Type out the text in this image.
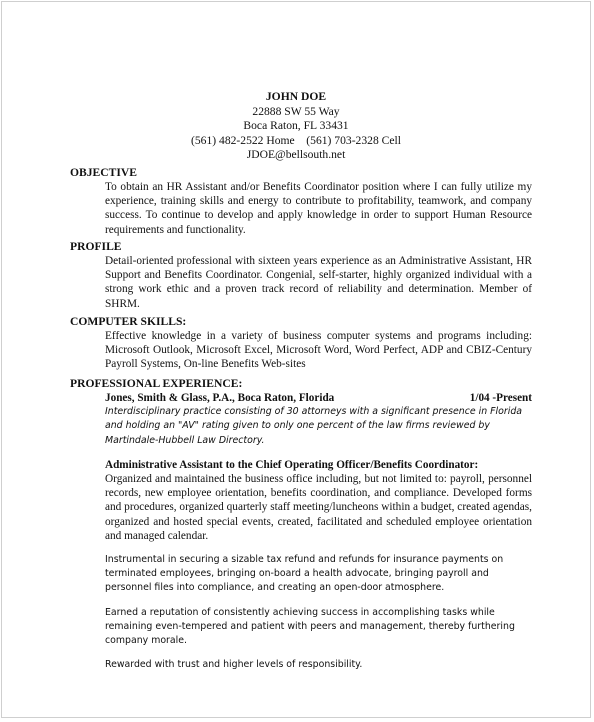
JOHN DOE
22888 SW 55 Way
Boca Raton, FL 33431
(561) 482-2522 Home    (561) 703-2328 Cell
JDOE@bellsouth.net
OBJECTIVE
To obtain an HR Assistant and/or Benefits Coordinator position where I can fully utilize my experience, training skills and energy to contribute to profitability, teamwork, and company success. To continue to develop and apply knowledge in order to support Human Resource requirements and functionality.
PROFILE
Detail-oriented professional with sixteen years experience as an Administrative Assistant, HR Support and Benefits Coordinator. Congenial, self-starter, highly organized individual with a strong work ethic and a proven track record of reliability and determination. Member of SHRM.
COMPUTER SKILLS:
Effective knowledge in a variety of business computer systems and programs including: Microsoft Outlook, Microsoft Excel, Microsoft Word, Word Perfect, ADP and CBIZ-Century Payroll Systems, On-line Benefits Web-sites
PROFESSIONAL EXPERIENCE:
Jones, Smith & Glass, P.A., Boca Raton, Florida	1/04 -Present
Interdisciplinary practice consisting of 30 attorneys with a significant presence in Florida and holding an "AV" rating given to only one percent of the law firms reviewed by Martindale-Hubbell Law Directory.
Administrative Assistant to the Chief Operating Officer/Benefits Coordinator:
Organized and maintained the business office including, but not limited to: payroll, personnel records, new employee orientation, benefits coordination, and compliance. Developed forms and procedures, organized quarterly staff meeting/luncheons within a budget, created agendas, organized and hosted special events, created, facilitated and scheduled employee orientation and managed calendar.
Instrumental in securing a sizable tax refund and refunds for insurance payments on terminated employees, bringing on-board a health advocate, bringing payroll and personnel files into compliance, and creating an open-door atmosphere.
Earned a reputation of consistently achieving success in accomplishing tasks while remaining even-tempered and patient with peers and management, thereby furthering company morale.
Rewarded with trust and higher levels of responsibility.
